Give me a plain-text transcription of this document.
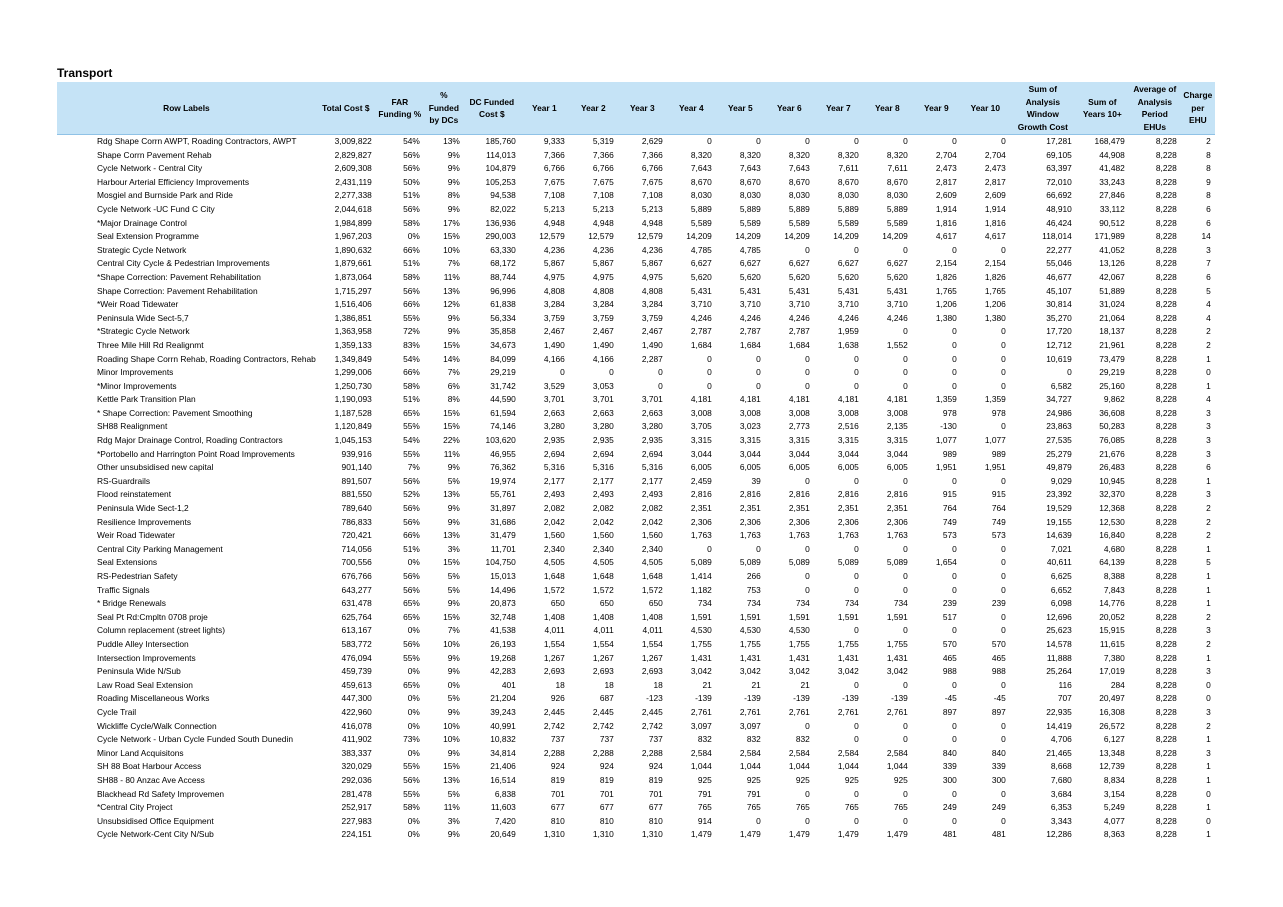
Transport
Row Labels	Total Cost $	FAR Funding %	% Funded by DCs	DC Funded Cost $	Year 1	Year 2	Year 3	Year 4	Year 5	Year 6	Year 7	Year 8	Year 9	Year 10	Sum of Analysis Window Growth Cost	Sum of Years 10+	Average of Analysis Period EHUs	Charge per EHU
Rdg Shape Corrn AWPT, Roading Contractors, AWPT	3,009,822	54%	13%	185,760	9,333	5,319	2,629	0	0	0	0	0	0	0	17,281	168,479	8,228	2
Shape Corrn Pavement Rehab	2,829,827	56%	9%	114,013	7,366	7,366	7,366	8,320	8,320	8,320	8,320	8,320	2,704	2,704	69,105	44,908	8,228	8
Cycle Network - Central City	2,609,308	56%	9%	104,879	6,766	6,766	6,766	7,643	7,643	7,643	7,611	7,611	2,473	2,473	63,397	41,482	8,228	8
Harbour Arterial Efficiency Improvements	2,431,119	50%	9%	105,253	7,675	7,675	7,675	8,670	8,670	8,670	8,670	8,670	2,817	2,817	72,010	33,243	8,228	9
Mosgiel and Burnside Park and Ride	2,277,338	51%	8%	94,538	7,108	7,108	7,108	8,030	8,030	8,030	8,030	8,030	2,609	2,609	66,692	27,846	8,228	8
Cycle Network -UC Fund C City	2,044,618	56%	9%	82,022	5,213	5,213	5,213	5,889	5,889	5,889	5,889	5,889	1,914	1,914	48,910	33,112	8,228	6
*Major Drainage Control	1,984,899	58%	17%	136,936	4,948	4,948	4,948	5,589	5,589	5,589	5,589	5,589	1,816	1,816	46,424	90,512	8,228	6
Seal Extension Programme	1,967,203	0%	15%	290,003	12,579	12,579	12,579	14,209	14,209	14,209	14,209	14,209	4,617	4,617	118,014	171,989	8,228	14
Strategic Cycle Network	1,890,632	66%	10%	63,330	4,236	4,236	4,236	4,785	4,785	0	0	0	0	0	22,277	41,052	8,228	3
Central City Cycle & Pedestrian Improvements	1,879,661	51%	7%	68,172	5,867	5,867	5,867	6,627	6,627	6,627	6,627	6,627	2,154	2,154	55,046	13,126	8,228	7
*Shape Correction: Pavement Rehabilitation	1,873,064	58%	11%	88,744	4,975	4,975	4,975	5,620	5,620	5,620	5,620	5,620	1,826	1,826	46,677	42,067	8,228	6
Shape Correction: Pavement Rehabilitation	1,715,297	56%	13%	96,996	4,808	4,808	4,808	5,431	5,431	5,431	5,431	5,431	1,765	1,765	45,107	51,889	8,228	5
*Weir Road Tidewater	1,516,406	66%	12%	61,838	3,284	3,284	3,284	3,710	3,710	3,710	3,710	3,710	1,206	1,206	30,814	31,024	8,228	4
Peninsula Wide Sect-5,7	1,386,851	55%	9%	56,334	3,759	3,759	3,759	4,246	4,246	4,246	4,246	4,246	1,380	1,380	35,270	21,064	8,228	4
*Strategic Cycle Network	1,363,958	72%	9%	35,858	2,467	2,467	2,467	2,787	2,787	2,787	1,959	0	0	0	17,720	18,137	8,228	2
Three Mile Hill Rd Realignmt	1,359,133	83%	15%	34,673	1,490	1,490	1,490	1,684	1,684	1,684	1,638	1,552	0	0	12,712	21,961	8,228	2
Roading Shape Corrn Rehab, Roading Contractors, Rehab	1,349,849	54%	14%	84,099	4,166	4,166	2,287	0	0	0	0	0	0	0	10,619	73,479	8,228	1
Minor Improvements	1,299,006	66%	7%	29,219	0	0	0	0	0	0	0	0	0	0	0	29,219	8,228	0
*Minor Improvements	1,250,730	58%	6%	31,742	3,529	3,053	0	0	0	0	0	0	0	0	6,582	25,160	8,228	1
Kettle Park Transition Plan	1,190,093	51%	8%	44,590	3,701	3,701	3,701	4,181	4,181	4,181	4,181	4,181	1,359	1,359	34,727	9,862	8,228	4
* Shape Correction: Pavement Smoothing	1,187,528	65%	15%	61,594	2,663	2,663	2,663	3,008	3,008	3,008	3,008	3,008	978	978	24,986	36,608	8,228	3
SH88 Realignment	1,120,849	55%	15%	74,146	3,280	3,280	3,280	3,705	3,023	2,773	2,516	2,135	-130	0	23,863	50,283	8,228	3
Rdg Major Drainage Control, Roading Contractors	1,045,153	54%	22%	103,620	2,935	2,935	2,935	3,315	3,315	3,315	3,315	3,315	1,077	1,077	27,535	76,085	8,228	3
*Portobello and Harrington Point Road Improvements	939,916	55%	11%	46,955	2,694	2,694	2,694	3,044	3,044	3,044	3,044	3,044	989	989	25,279	21,676	8,228	3
Other unsubsidised new capital	901,140	7%	9%	76,362	5,316	5,316	5,316	6,005	6,005	6,005	6,005	6,005	1,951	1,951	49,879	26,483	8,228	6
RS-Guardrails	891,507	56%	5%	19,974	2,177	2,177	2,177	2,459	39	0	0	0	0	0	9,029	10,945	8,228	1
Flood reinstatement	881,550	52%	13%	55,761	2,493	2,493	2,493	2,816	2,816	2,816	2,816	2,816	915	915	23,392	32,370	8,228	3
Peninsula Wide Sect-1,2	789,640	56%	9%	31,897	2,082	2,082	2,082	2,351	2,351	2,351	2,351	2,351	764	764	19,529	12,368	8,228	2
Resilience Improvements	786,833	56%	9%	31,686	2,042	2,042	2,042	2,306	2,306	2,306	2,306	2,306	749	749	19,155	12,530	8,228	2
Weir Road Tidewater	720,421	66%	13%	31,479	1,560	1,560	1,560	1,763	1,763	1,763	1,763	1,763	573	573	14,639	16,840	8,228	2
Central City Parking Management	714,056	51%	3%	11,701	2,340	2,340	2,340	0	0	0	0	0	0	0	7,021	4,680	8,228	1
Seal Extensions	700,556	0%	15%	104,750	4,505	4,505	4,505	5,089	5,089	5,089	5,089	5,089	1,654	0	40,611	64,139	8,228	5
RS-Pedestrian Safety	676,766	56%	5%	15,013	1,648	1,648	1,648	1,414	266	0	0	0	0	0	6,625	8,388	8,228	1
Traffic Signals	643,277	56%	5%	14,496	1,572	1,572	1,572	1,182	753	0	0	0	0	0	6,652	7,843	8,228	1
* Bridge Renewals	631,478	65%	9%	20,873	650	650	650	734	734	734	734	734	239	239	6,098	14,776	8,228	1
Seal Pt Rd:Cmpltn 0708 proje	625,764	65%	15%	32,748	1,408	1,408	1,408	1,591	1,591	1,591	1,591	1,591	517	0	12,696	20,052	8,228	2
Column replacement (street lights)	613,167	0%	7%	41,538	4,011	4,011	4,011	4,530	4,530	4,530	0	0	0	0	25,623	15,915	8,228	3
Puddle Alley Intersection	583,772	56%	10%	26,193	1,554	1,554	1,554	1,755	1,755	1,755	1,755	1,755	570	570	14,578	11,615	8,228	2
Intersection Improvements	476,094	55%	9%	19,268	1,267	1,267	1,267	1,431	1,431	1,431	1,431	1,431	465	465	11,888	7,380	8,228	1
Peninsula Wide N/Sub	459,739	0%	9%	42,283	2,693	2,693	2,693	3,042	3,042	3,042	3,042	3,042	988	988	25,264	17,019	8,228	3
Law Road Seal Extension	459,613	65%	0%	401	18	18	18	21	21	21	0	0	0	0	116	284	8,228	0
Roading Miscellaneous Works	447,300	0%	5%	21,204	926	687	-123	-139	-139	-139	-139	-139	-45	-45	707	20,497	8,228	0
Cycle Trail	422,960	0%	9%	39,243	2,445	2,445	2,445	2,761	2,761	2,761	2,761	2,761	897	897	22,935	16,308	8,228	3
Wickliffe Cycle/Walk Connection	416,078	0%	10%	40,991	2,742	2,742	2,742	3,097	3,097	0	0	0	0	0	14,419	26,572	8,228	2
Cycle Network - Urban Cycle Funded South Dunedin	411,902	73%	10%	10,832	737	737	737	832	832	832	0	0	0	0	4,706	6,127	8,228	1
Minor Land Acquisitons	383,337	0%	9%	34,814	2,288	2,288	2,288	2,584	2,584	2,584	2,584	2,584	840	840	21,465	13,348	8,228	3
SH 88 Boat Harbour Access	320,029	55%	15%	21,406	924	924	924	1,044	1,044	1,044	1,044	1,044	339	339	8,668	12,739	8,228	1
SH88 - 80 Anzac Ave Access	292,036	56%	13%	16,514	819	819	819	925	925	925	925	925	300	300	7,680	8,834	8,228	1
Blackhead Rd Safety Improvemen	281,478	55%	5%	6,838	701	701	701	791	791	0	0	0	0	0	3,684	3,154	8,228	0
*Central City Project	252,917	58%	11%	11,603	677	677	677	765	765	765	765	765	249	249	6,353	5,249	8,228	1
Unsubsidised Office Equipment	227,983	0%	3%	7,420	810	810	810	914	0	0	0	0	0	0	3,343	4,077	8,228	0
Cycle Network-Cent City N/Sub	224,151	0%	9%	20,649	1,310	1,310	1,310	1,479	1,479	1,479	1,479	1,479	481	481	12,286	8,363	8,228	1
